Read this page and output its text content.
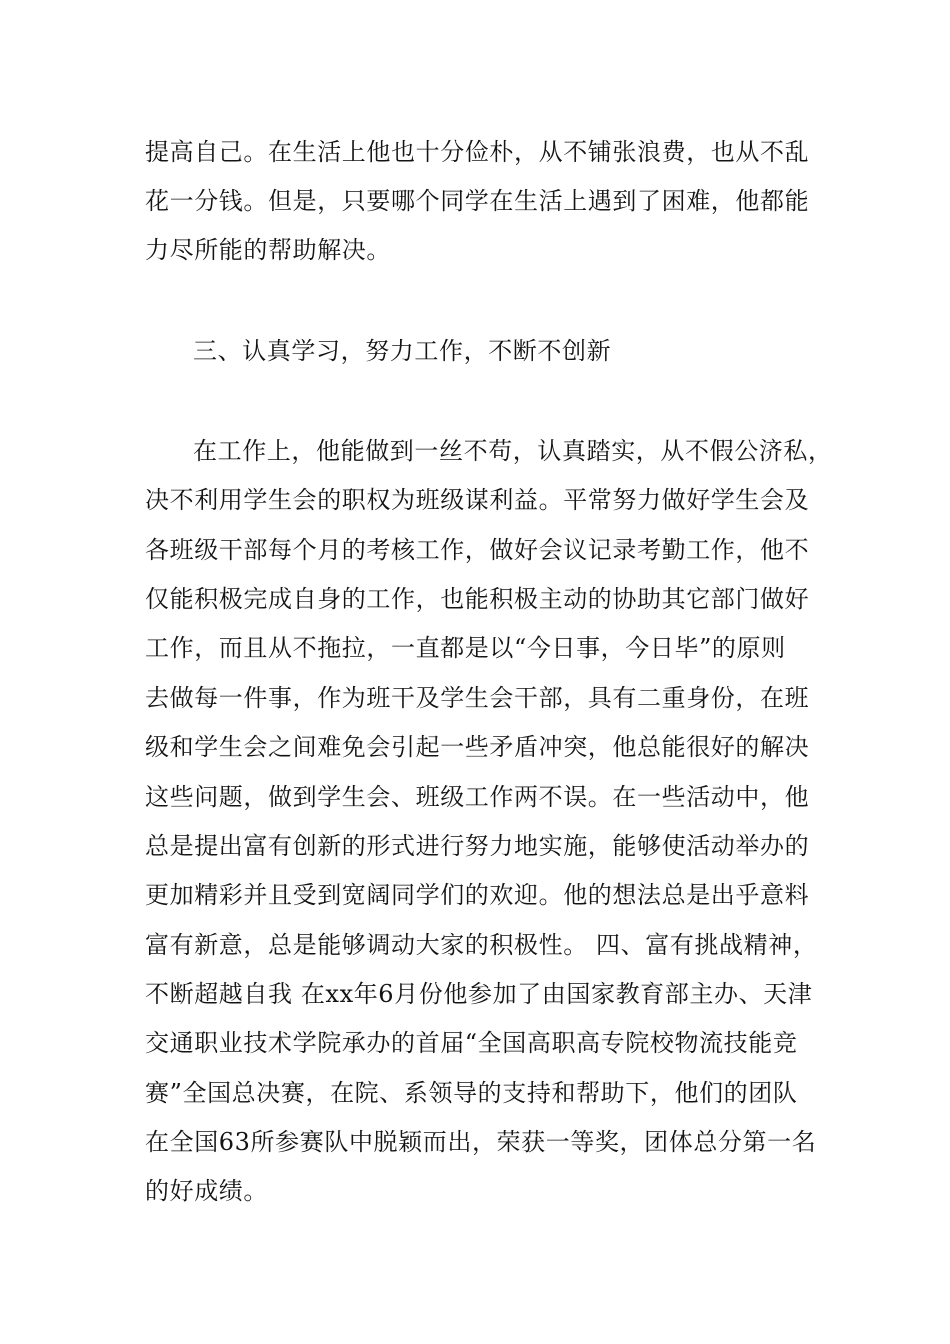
提高自己。在生活上他也十分俭朴，从不铺张浪费，也从不乱
花一分钱。但是，只要哪个同学在生活上遇到了困难，他都能
力尽所能的帮助解决。
三、认真学习，努力工作，不断不创新
在工作上，他能做到一丝不苟，认真踏实，从不假公济私，
决不利用学生会的职权为班级谋利益。平常努力做好学生会及
各班级干部每个月的考核工作，做好会议记录考勤工作，他不
仅能积极完成自身的工作，也能积极主动的协助其它部门做好
工作，而且从不拖拉，一直都是以“今日事，今日毕”的原则
去做每一件事，作为班干及学生会干部，具有二重身份，在班
级和学生会之间难免会引起一些矛盾冲突，他总能很好的解决
这些问题，做到学生会、班级工作两不误。在一些活动中，他
总是提出富有创新的形式进行努力地实施，能够使活动举办的
更加精彩并且受到宽阔同学们的欢迎。他的想法总是出乎意料
富有新意，总是能够调动大家的积极性。 四、富有挑战精神，
不断超越自我 在xx年6月份他参加了由国家教育部主办、天津
交通职业技术学院承办的首届“全国高职高专院校物流技能竞
赛”全国总决赛，在院、系领导的支持和帮助下，他们的团队
在全国63所参赛队中脱颖而出，荣获一等奖，团体总分第一名
的好成绩。
